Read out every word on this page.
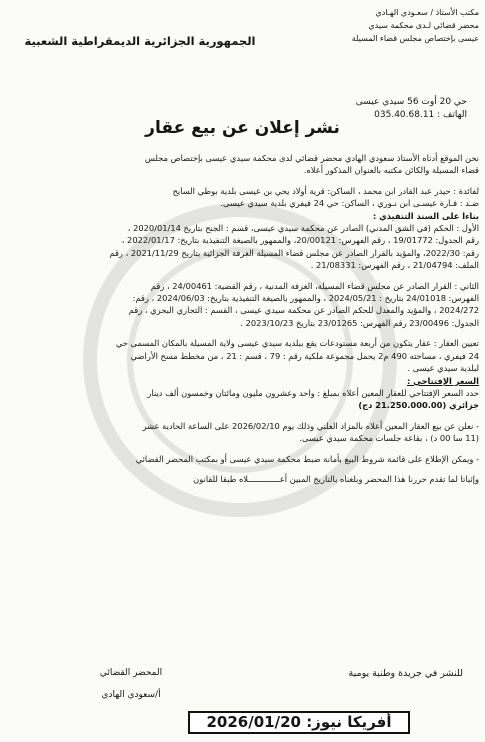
مكتب الأستاذ / سعـودي الهـادي
محضر قضائي لـدى محكمة سيدي
عيسى بإختصاص مجلس قضاء المسيلة
الجمهورية الجزائرية الديمقراطية الشعبية
حي 20 أوت 56 سيدي عيسى
الهاتف : 035.40.68.11
نشر إعلان عن بيع عقار

نحن الموقع أدناه الأستاذ سعودي الهادي محضر قضائي لدى محكمة سيدي عيسى بإختصاص مجلس

قضاء المسيلة والكائن مكتبه بالعنوان المذكور أعلاه.

لفائدة : حيدر عبد القادر ابن محمد ، الساكن: قرية أولاد يحي بن عيسى بلدية بوطي السايح

ضـد : فـارة عيسـى ابن نـوري ، الساكن: حي 24 فيفري بلدية سيدي عيسى.

بناءا على السند التنفيذي :

الأول : الحكم (في الشق المدني) الصادر عن محكمة سيدي عيسى، قسم : الجنح بتاريخ 2020/01/14 ،

رقم الجدول: 19/01772 ، رقم الفهرس: 20/00121، والممهور بالصيغة التنفيذية بتاريخ: 2022/01/17 ،

رقم: 2022/30، والمؤيد بالقرار الصادر عن مجلس قضاء المسيلة الغرفة الجزائية بتاريخ 2021/11/29 ، رقم

الملف: 21/04794 ، رقم الفهرس: 21/08331 .

الثاني : القرار الصادر عن مجلس قضاء المسيلة، الغرفة المدنية ، رقم القضية: 24/00461 ، رقم

الفهرس: 24/01018 بتاريخ : 2024/05/21 ، والممهور بالصيغة التنفيذية بتاريخ: 2024/06/03 ، رقم:

2024/272 ، والمؤيد والمعدل للحكم الصادر عن محكمة سيدي عيسى ، القسم : التجاري البحري ، رقم

الجدول: 23/00496 رقم الفهرس: 23/01265 بتاريخ 2023/10/23 .

تعيين العقار : عقار يتكون من أربعة مستودعات يقع ببلدية سيدي عيسى ولاية المسيلة بالمكان المسمى حي

24 فيفري ، مساحته 490 م2 يحمل مجموعة ملكية رقم : 79 ، قسم : 21 ، من مخطط مسح الأراضي

لبلدية سيدي عيسى .

السعر الإفتتاحي :

حدد السعر الإفتتاحي للعقار المعين أعلاه بمبلغ : واحد وعشرون مليون ومائتان وخمسون ألف دينار

جزائري (21.250.000.00 دج)

- نعلن عن بيع العقار المعين أعلاه بالمزاد العلني وذلك يوم 2026/02/10 على الساعة الحادية عشر

(11 سا 00 د) ، بقاعة جلسات محكمة سيدي عيسى.

- ويمكن الإطلاع على قائمة شروط البيع بأمانة ضبط محكمة سيدي عيسى أو بمكتب المحضر القضائي

وإثباتا لما تقدم حررنا هذا المحضر وبلغناه بالتاريخ المبين أعـــــــــــــلاه طبقا للقانون

المحضر القضائي
أ/سعودي الهادي
للنشر في جريدة وطنية يومية
أفريكا نيوز: 2026/01/20
